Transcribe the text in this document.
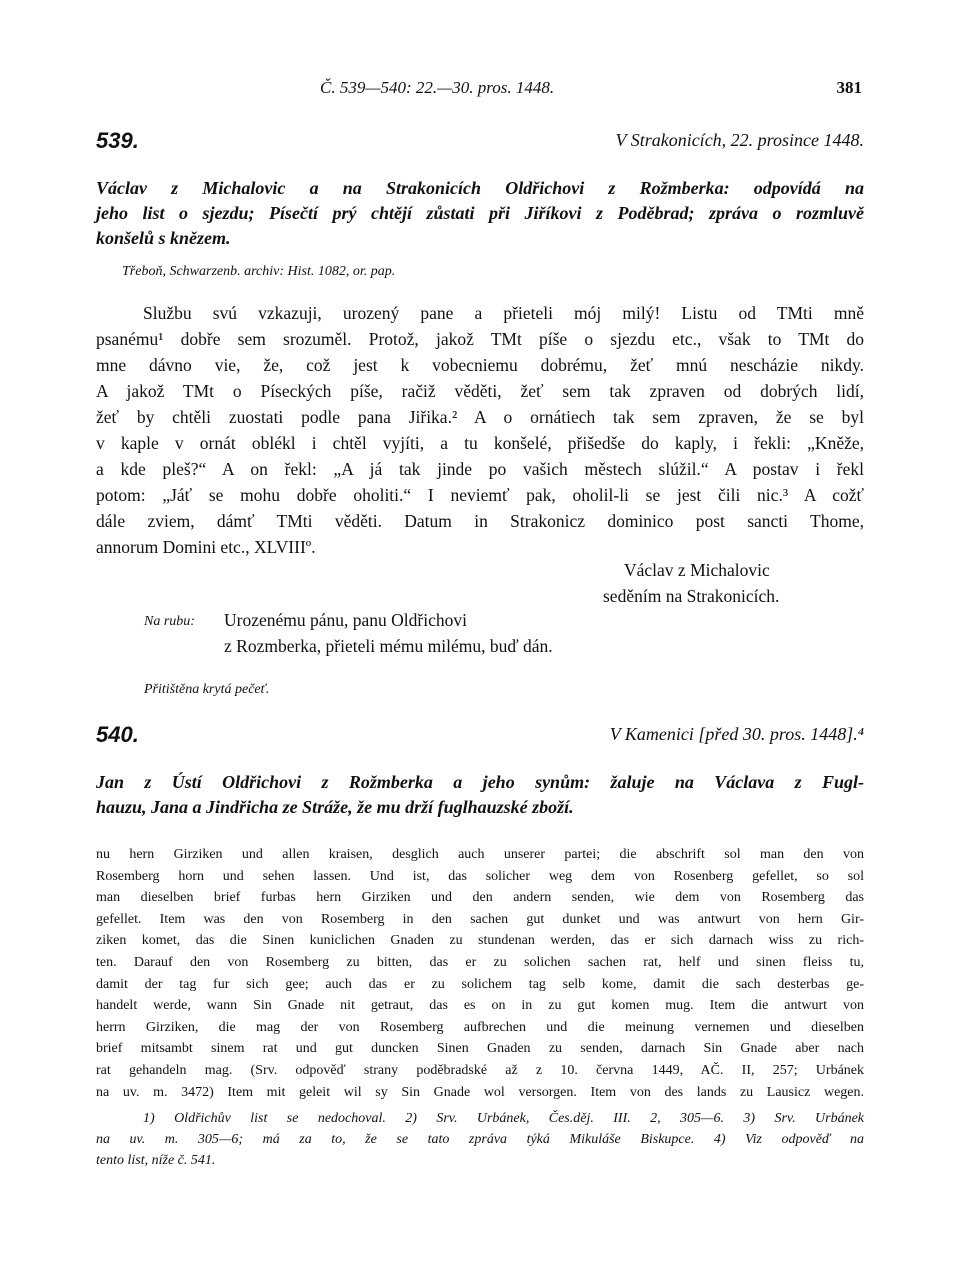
Č. 539—540: 22.—30. pros. 1448.	381
539.	V Strakonicích, 22. prosince 1448.
Václav z Michalovic a na Strakonicích Oldřichovi z Rožmberka: odpovídá na
jeho list o sjezdu; Písečtí prý chtějí zůstati při Jiříkovi z Poděbrad; zpráva o rozmluvě
konšelů s knězem.
Třeboň, Schwarzenb. archiv: Hist. 1082, or. pap.
Službu svú vzkazuji, urozený pane a přieteli mój milý! Listu od TMti mně
psanému¹ dobře sem srozuměl. Protož, jakož TMt píše o sjezdu etc., však to TMt do
mne dávno vie, že, což jest k vobecniemu dobrému, žeť mnú nescházie nikdy.
A jakož TMt o Píseckých píše, račiž věděti, žeť sem tak zpraven od dobrých lidí,
žeť by chtěli zuostati podle pana Jiřika.² A o ornátiech tak sem zpraven, že se byl
v kaple v ornát oblékl i chtěl vyjíti, a tu konšelé, přišedše do kaply, i řekli: „Kněže,
a kde pleš?“ A on řekl: „A já tak jinde po vašich městech slúžil.“ A postav i řekl
potom: „Jáť se mohu dobře oholiti.“ I neviemť pak, oholil-li se jest čili nic.³ A cožť
dále zviem, dámť TMti věděti. Datum in Strakonicz dominico post sancti Thome,
annorum Domini etc., XLVIIIº.
Václav z Michalovic
seděním na Strakonicích.
Na rubu: Urozenému pánu, panu Oldřichovi
z Rozmberka, přieteli mému milému, buď dán.
Přitištěna krytá pečeť.
540.	V Kamenici [před 30. pros. 1448].⁴
Jan z Ústí Oldřichovi z Rožmberka a jeho synům: žaluje na Václava z Fugl-
hauzu, Jana a Jindřicha ze Stráže, že mu drží fuglhauzské zboží.
nu hern Girziken und allen kraisen, desglich auch unserer partei; die abschrift sol man den von
Rosemberg horn und sehen lassen. Und ist, das solicher weg dem von Rosenberg gefellet, so sol
man dieselben brief furbas hern Girziken und den andern senden, wie dem von Rosemberg das
gefellet. Item was den von Rosemberg in den sachen gut dunket und was antwurt von hern Gir-
ziken komet, das die Sinen kuniclichen Gnaden zu stundenan werden, das er sich darnach wiss zu rich-
ten. Darauf den von Rosemberg zu bitten, das er zu solichen sachen rat, helf und sinen fleiss tu,
damit der tag fur sich gee; auch das er zu solichem tag selb kome, damit die sach desterbas ge-
handelt werde, wann Sin Gnade nit getraut, das es on in zu gut komen mug. Item die antwurt von
herrn Girziken, die mag der von Rosemberg aufbrechen und die meinung vernemen und dieselben
brief mitsambt sinem rat und gut duncken Sinen Gnaden zu senden, darnach Sin Gnade aber nach
rat gehandeln mag. (Srv. odpověď strany poděbradské až z 10. června 1449, AČ. II, 257; Urbánek
na uv. m. 3472) Item mit geleit wil sy Sin Gnade wol versorgen. Item von des lands zu Lausicz wegen.
1) Oldřichův list se nedochoval. 2) Srv. Urbánek, Čes.děj. III. 2, 305—6. 3) Srv. Urbánek
na uv. m. 305—6; má za to, že se tato zpráva týká Mikuláše Biskupce. 4) Viz odpověď na
tento list, níže č. 541.
